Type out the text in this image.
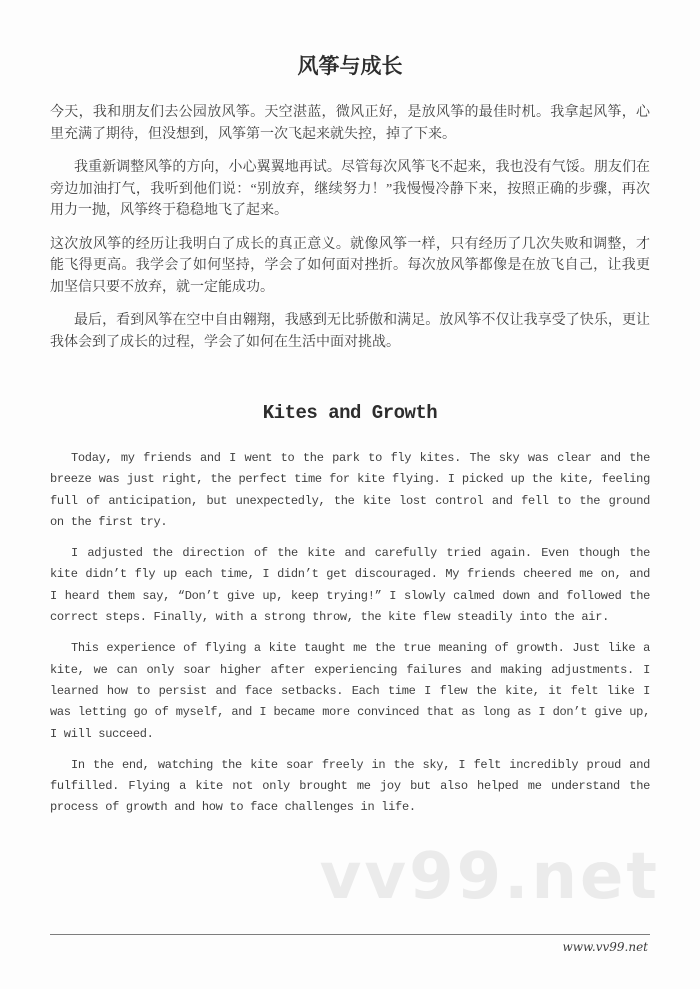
风筝与成长

今天，我和朋友们去公园放风筝。天空湛蓝，微风正好，是放风筝的最佳时机。我拿起风筝，心里充满了期待，但没想到，风筝第一次飞起来就失控，掉了下来。

我重新调整风筝的方向，小心翼翼地再试。尽管每次风筝飞不起来，我也没有气馁。朋友们在旁边加油打气，我听到他们说：“别放弃，继续努力！”我慢慢冷静下来，按照正确的步骤，再次用力一抛，风筝终于稳稳地飞了起来。

这次放风筝的经历让我明白了成长的真正意义。就像风筝一样，只有经历了几次失败和调整，才能飞得更高。我学会了如何坚持，学会了如何面对挫折。每次放风筝都像是在放飞自己，让我更加坚信只要不放弃，就一定能成功。

最后，看到风筝在空中自由翱翔，我感到无比骄傲和满足。放风筝不仅让我享受了快乐，更让我体会到了成长的过程，学会了如何在生活中面对挑战。

Kites and Growth

Today, my friends and I went to the park to fly kites. The sky was clear and the breeze was just right, the perfect time for kite flying. I picked up the kite, feeling full of anticipation, but unexpectedly, the kite lost control and fell to the ground on the first try.

I adjusted the direction of the kite and carefully tried again. Even though the kite didn’t fly up each time, I didn’t get discouraged. My friends cheered me on, and I heard them say, “Don’t give up, keep trying!” I slowly calmed down and followed the correct steps. Finally, with a strong throw, the kite flew steadily into the air.

This experience of flying a kite taught me the true meaning of growth. Just like a kite, we can only soar higher after experiencing failures and making adjustments. I learned how to persist and face setbacks. Each time I flew the kite, it felt like I was letting go of myself, and I became more convinced that as long as I don’t give up, I will succeed.

In the end, watching the kite soar freely in the sky, I felt incredibly proud and fulfilled. Flying a kite not only brought me joy but also helped me understand the process of growth and how to face challenges in life.

vv99.net
www.vv99.net
